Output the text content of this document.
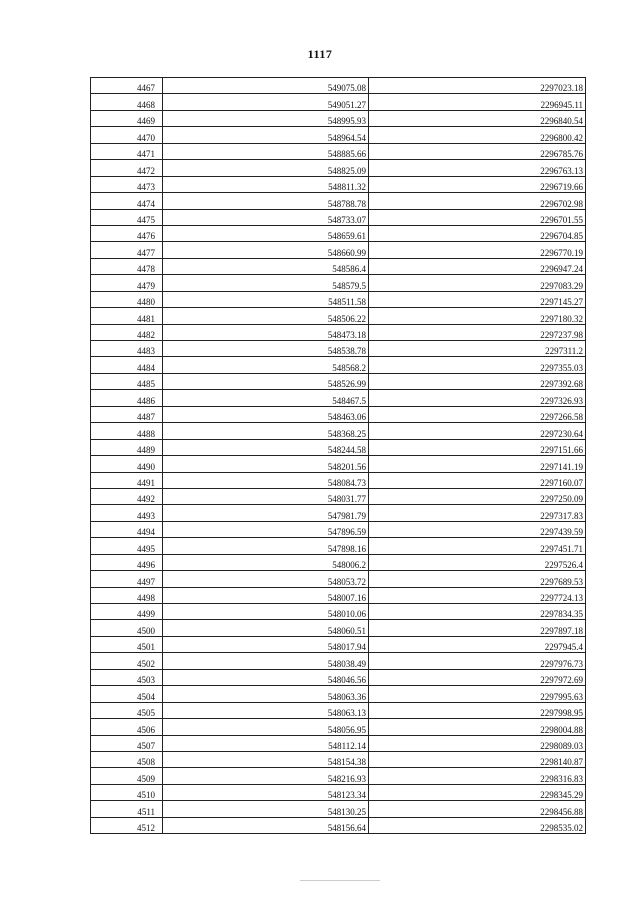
1117
4467	549075.08	2297023.18
4468	549051.27	2296945.11
4469	548995.93	2296840.54
4470	548964.54	2296800.42
4471	548885.66	2296785.76
4472	548825.09	2296763.13
4473	548811.32	2296719.66
4474	548788.78	2296702.98
4475	548733.07	2296701.55
4476	548659.61	2296704.85
4477	548660.99	2296770.19
4478	548586.4	2296947.24
4479	548579.5	2297083.29
4480	548511.58	2297145.27
4481	548506.22	2297180.32
4482	548473.18	2297237.98
4483	548538.78	2297311.2
4484	548568.2	2297355.03
4485	548526.99	2297392.68
4486	548467.5	2297326.93
4487	548463.06	2297266.58
4488	548368.25	2297230.64
4489	548244.58	2297151.66
4490	548201.56	2297141.19
4491	548084.73	2297160.07
4492	548031.77	2297250.09
4493	547981.79	2297317.83
4494	547896.59	2297439.59
4495	547898.16	2297451.71
4496	548006.2	2297526.4
4497	548053.72	2297689.53
4498	548007.16	2297724.13
4499	548010.06	2297834.35
4500	548060.51	2297897.18
4501	548017.94	2297945.4
4502	548038.49	2297976.73
4503	548046.56	2297972.69
4504	548063.36	2297995.63
4505	548063.13	2297998.95
4506	548056.95	2298004.88
4507	548112.14	2298089.03
4508	548154.38	2298140.87
4509	548216.93	2298316.83
4510	548123.34	2298345.29
4511	548130.25	2298456.88
4512	548156.64	2298535.02
